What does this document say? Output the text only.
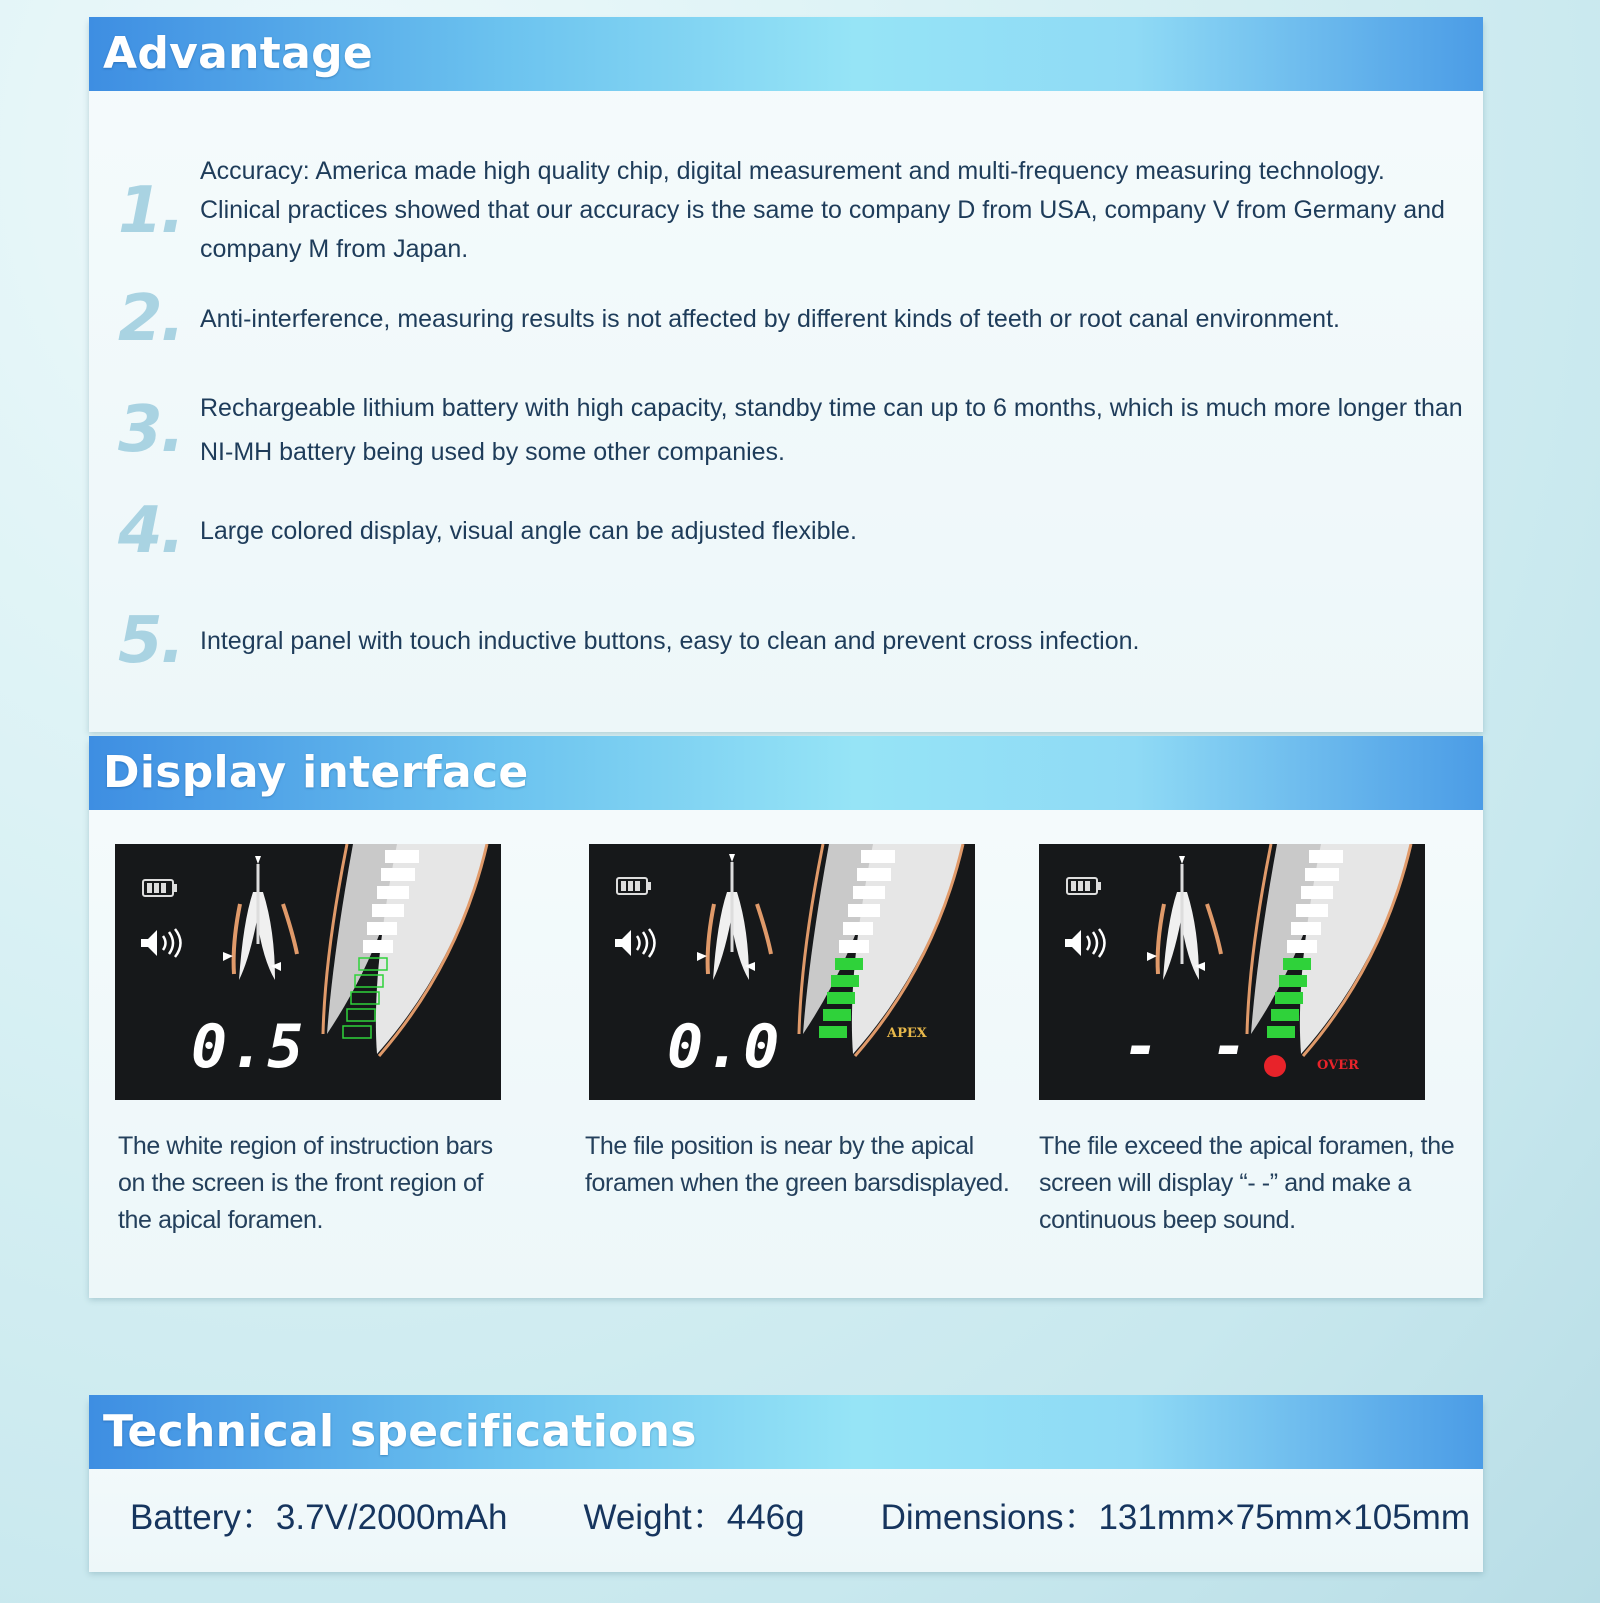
Advantage
1.
Accuracy: America made high quality chip, digital measurement and multi-frequency measuring technology. Clinical practices showed that our accuracy is the same to company D from USA, company V from Germany and company M from Japan.
2. Anti-interference, measuring results is not affected by different kinds of teeth or root canal environment.
3. Rechargeable lithium battery with high capacity, standby time can up to 6 months, which is much more longer than NI-MH battery being used by some other companies.
4. Large colored display, visual angle can be adjusted flexible.
5. Integral panel with touch inductive buttons, easy to clean and prevent cross infection.
Display interface
0.5
The white region of instruction bars on the screen is the front region of the apical foramen.
0.0	APEX
The file position is near by the apical foramen when the green barsdisplayed.
- -	OVER
The file exceed the apical foramen, the screen will display “- -” and make a continuous beep sound.
Technical specifications
Battery：3.7V/2000mAh Weight：446g Dimensions：131mm×75mm×105mm
